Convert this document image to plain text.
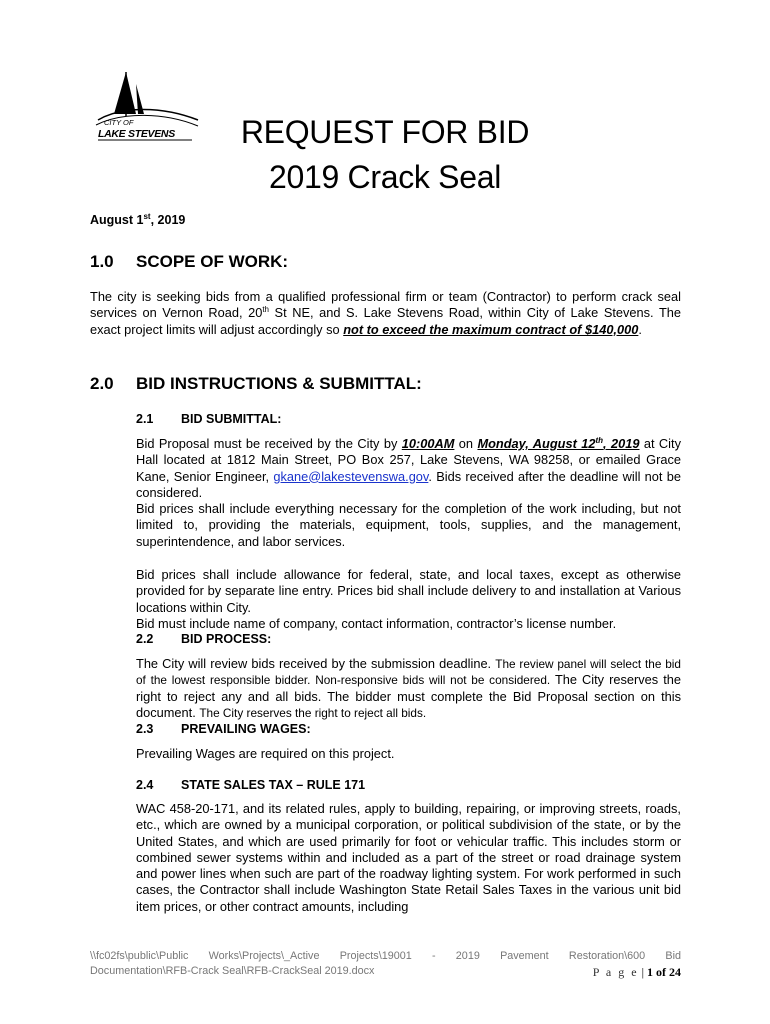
CITY OF
LAKE STEVENS	REQUEST FOR BID
2019 Crack Seal
August 1st, 2019
1.0 SCOPE OF WORK:
The city is seeking bids from a qualified professional firm or team (Contractor) to perform crack seal services on Vernon Road, 20th St NE, and S. Lake Stevens Road, within City of Lake Stevens. The exact project limits will adjust accordingly so not to exceed the maximum contract of $140,000.
2.0 BID INSTRUCTIONS & SUBMITTAL:
2.1 BID SUBMITTAL:
Bid Proposal must be received by the City by 10:00AM on Monday, August 12th, 2019 at City Hall located at 1812 Main Street, PO Box 257, Lake Stevens, WA 98258, or emailed Grace Kane, Senior Engineer, gkane@lakestevenswa.gov. Bids received after the deadline will not be considered.
Bid prices shall include everything necessary for the completion of the work including, but not limited to, providing the materials, equipment, tools, supplies, and the management, superintendence, and labor services.
Bid prices shall include allowance for federal, state, and local taxes, except as otherwise provided for by separate line entry. Prices bid shall include delivery to and installation at Various locations within City.
Bid must include name of company, contact information, contractor’s license number.
2.2 BID PROCESS:
The City will review bids received by the submission deadline. The review panel will select the bid of the lowest responsible bidder. Non-responsive bids will not be considered. The City reserves the right to reject any and all bids. The bidder must complete the Bid Proposal section on this document. The City reserves the right to reject all bids.
2.3 PREVAILING WAGES:
Prevailing Wages are required on this project.
2.4 STATE SALES TAX – RULE 171
WAC 458-20-171, and its related rules, apply to building, repairing, or improving streets, roads, etc., which are owned by a municipal corporation, or political subdivision of the state, or by the United States, and which are used primarily for foot or vehicular traffic. This includes storm or combined sewer systems within and included as a part of the street or road drainage system and power lines when such are part of the roadway lighting system. For work performed in such cases, the Contractor shall include Washington State Retail Sales Taxes in the various unit bid item prices, or other contract amounts, including
\\fc02fs\public\Public Works\Projects\_Active Projects\19001 - 2019 Pavement Restoration\600 Bid
Documentation\RFB-Crack Seal\RFB-CrackSeal 2019.docx	P a g e | 1 of 24
